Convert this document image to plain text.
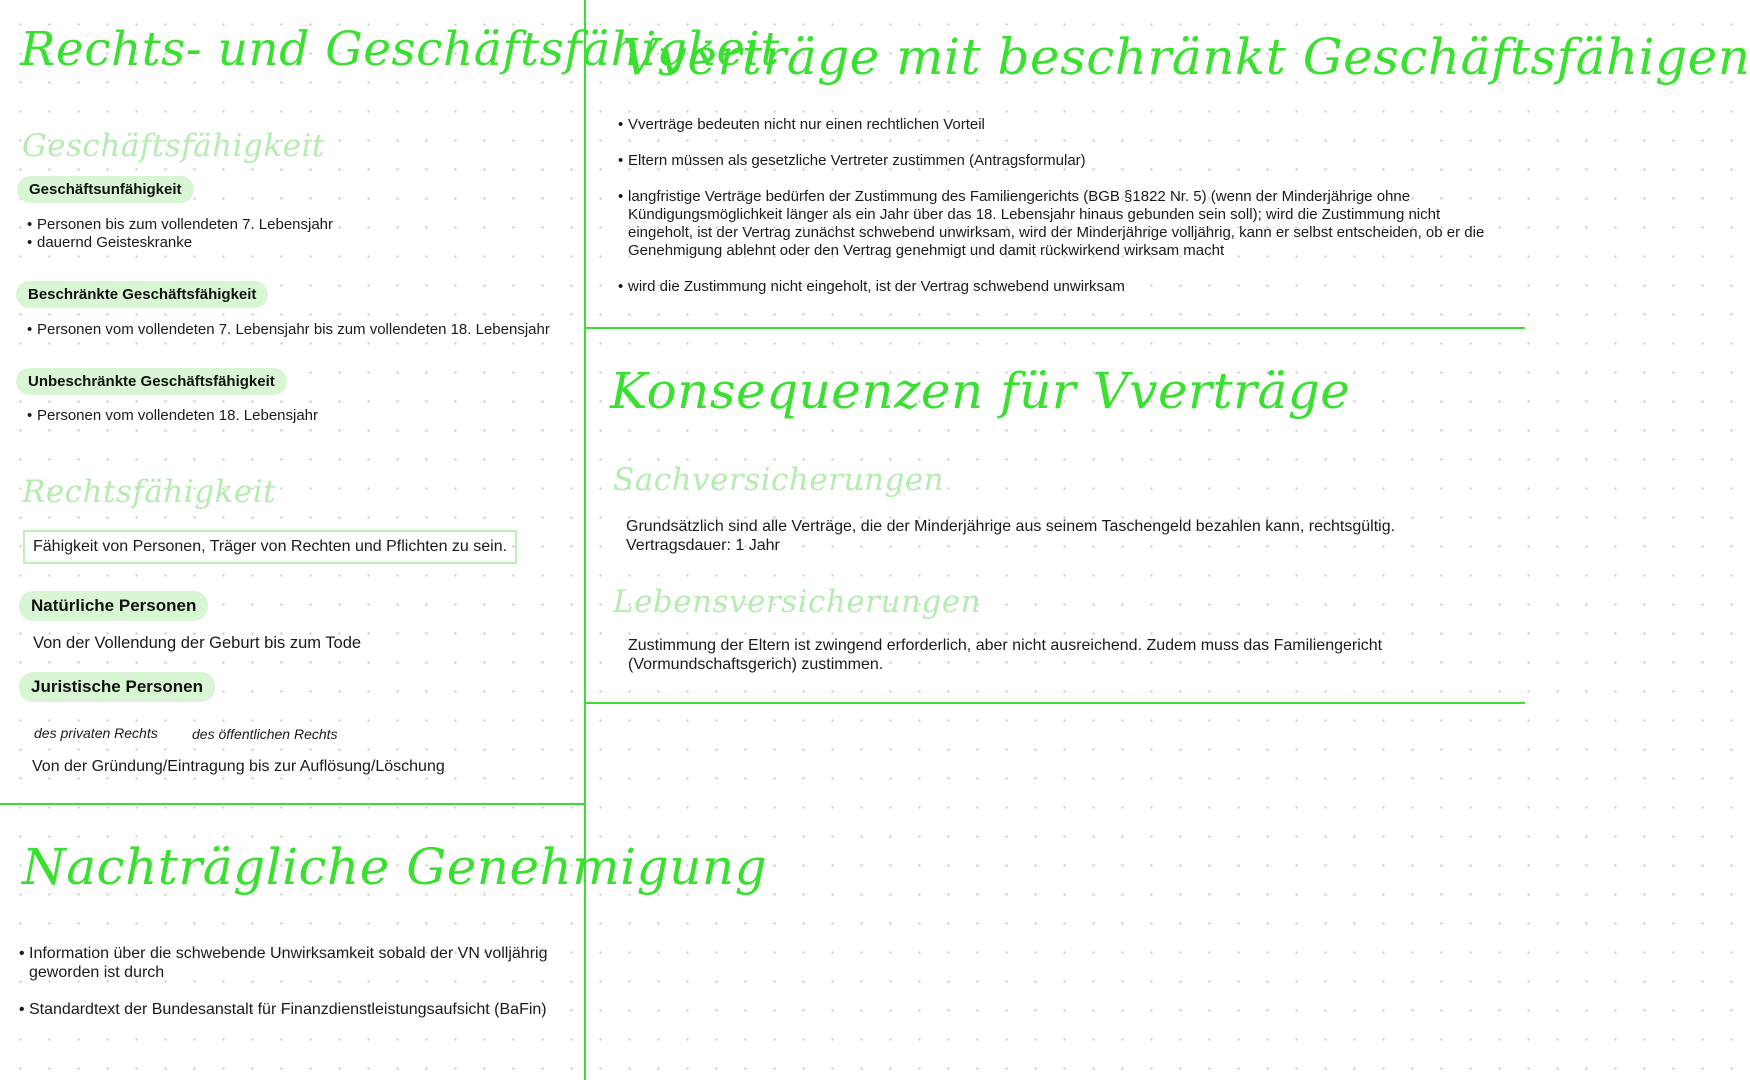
Rechts- und Geschäftsfähigkeit
Geschäftsfähigkeit
Geschäftsunfähigkeit
• Personen bis zum vollendeten 7. Lebensjahr
• dauernd Geisteskranke
Beschränkte Geschäftsfähigkeit
• Personen vom vollendeten 7. Lebensjahr bis zum vollendeten 18. Lebensjahr
Unbeschränkte Geschäftsfähigkeit
• Personen vom vollendeten 18. Lebensjahr
Rechtsfähigkeit
Fähigkeit von Personen, Träger von Rechten und Pflichten zu sein.
Natürliche Personen
Von der Vollendung der Geburt bis zum Tode
Juristische Personen
des privaten Rechts des öffentlichen Rechts
Von der Gründung/Eintragung bis zur Auflösung/Löschung
Nachträgliche Genehmigung
• Information über die schwebende Unwirksamkeit sobald der VN volljährig geworden ist durch
• Standardtext der Bundesanstalt für Finanzdienstleistungsaufsicht (BaFin)
Vverträge mit beschränkt Geschäftsfähigen
• Vverträge bedeuten nicht nur einen rechtlichen Vorteil
• Eltern müssen als gesetzliche Vertreter zustimmen (Antragsformular)
• langfristige Verträge bedürfen der Zustimmung des Familiengerichts (BGB §1822 Nr. 5) (wenn der Minderjährige ohne Kündigungsmöglichkeit länger als ein Jahr über das 18. Lebensjahr hinaus gebunden sein soll); wird die Zustimmung nicht eingeholt, ist der Vertrag zunächst schwebend unwirksam, wird der Minderjährige volljährig, kann er selbst entscheiden, ob er die Genehmigung ablehnt oder den Vertrag genehmigt und damit rückwirkend wirksam macht
• wird die Zustimmung nicht eingeholt, ist der Vertrag schwebend unwirksam
Konsequenzen für Vverträge
Sachversicherungen
Grundsätzlich sind alle Verträge, die der Minderjährige aus seinem Taschengeld bezahlen kann, rechtsgültig.
Vertragsdauer: 1 Jahr
Lebensversicherungen
Zustimmung der Eltern ist zwingend erforderlich, aber nicht ausreichend. Zudem muss das Familiengericht
(Vormundschaftsgerich) zustimmen.
